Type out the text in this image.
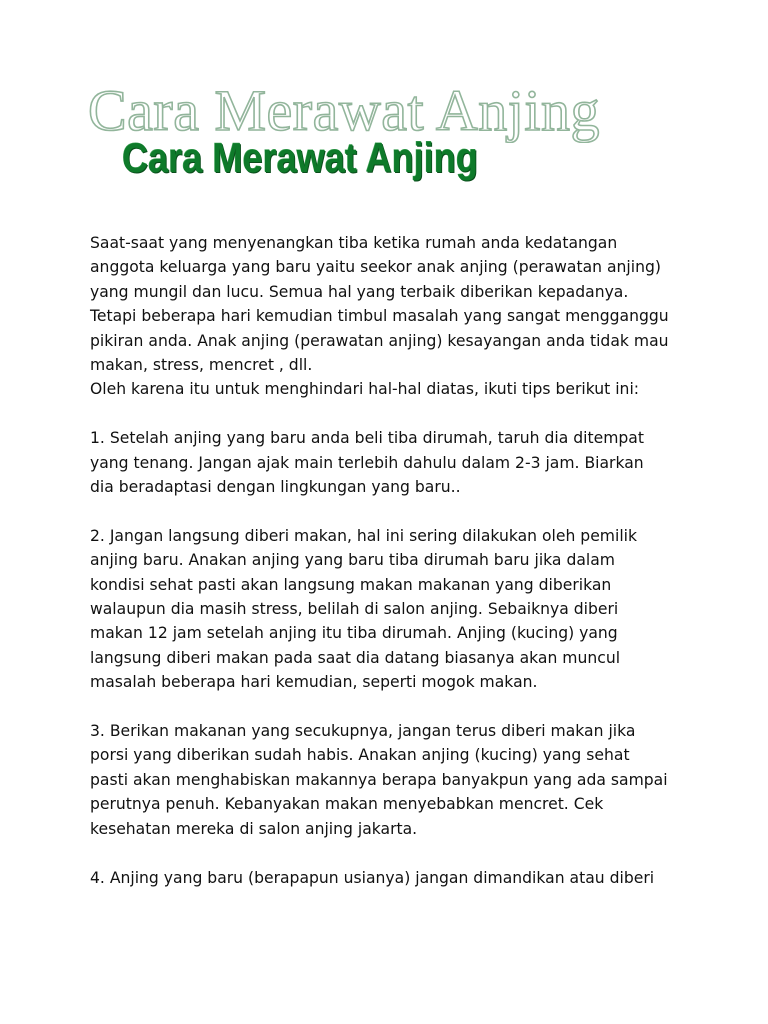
Cara Merawat Anjing
Cara Merawat Anjing

Saat-saat yang menyenangkan tiba ketika rumah anda kedatangan
anggota keluarga yang baru yaitu seekor anak anjing (perawatan anjing)
yang mungil dan lucu. Semua hal yang terbaik diberikan kepadanya.
Tetapi beberapa hari kemudian timbul masalah yang sangat mengganggu
pikiran anda. Anak anjing (perawatan anjing) kesayangan anda tidak mau
makan, stress, mencret , dll.

Oleh karena itu untuk menghindari hal-hal diatas, ikuti tips berikut ini:

1. Setelah anjing yang baru anda beli tiba dirumah, taruh dia ditempat
yang tenang. Jangan ajak main terlebih dahulu dalam 2-3 jam. Biarkan
dia beradaptasi dengan lingkungan yang baru..

2. Jangan langsung diberi makan, hal ini sering dilakukan oleh pemilik
anjing baru. Anakan anjing yang baru tiba dirumah baru jika dalam
kondisi sehat pasti akan langsung makan makanan yang diberikan
walaupun dia masih stress, belilah di salon anjing. Sebaiknya diberi
makan 12 jam setelah anjing itu tiba dirumah. Anjing (kucing) yang
langsung diberi makan pada saat dia datang biasanya akan muncul
masalah beberapa hari kemudian, seperti mogok makan.

3. Berikan makanan yang secukupnya, jangan terus diberi makan jika
porsi yang diberikan sudah habis. Anakan anjing (kucing) yang sehat
pasti akan menghabiskan makannya berapa banyakpun yang ada sampai
perutnya penuh. Kebanyakan makan menyebabkan mencret. Cek
kesehatan mereka di salon anjing jakarta.

4. Anjing yang baru (berapapun usianya) jangan dimandikan atau diberi
